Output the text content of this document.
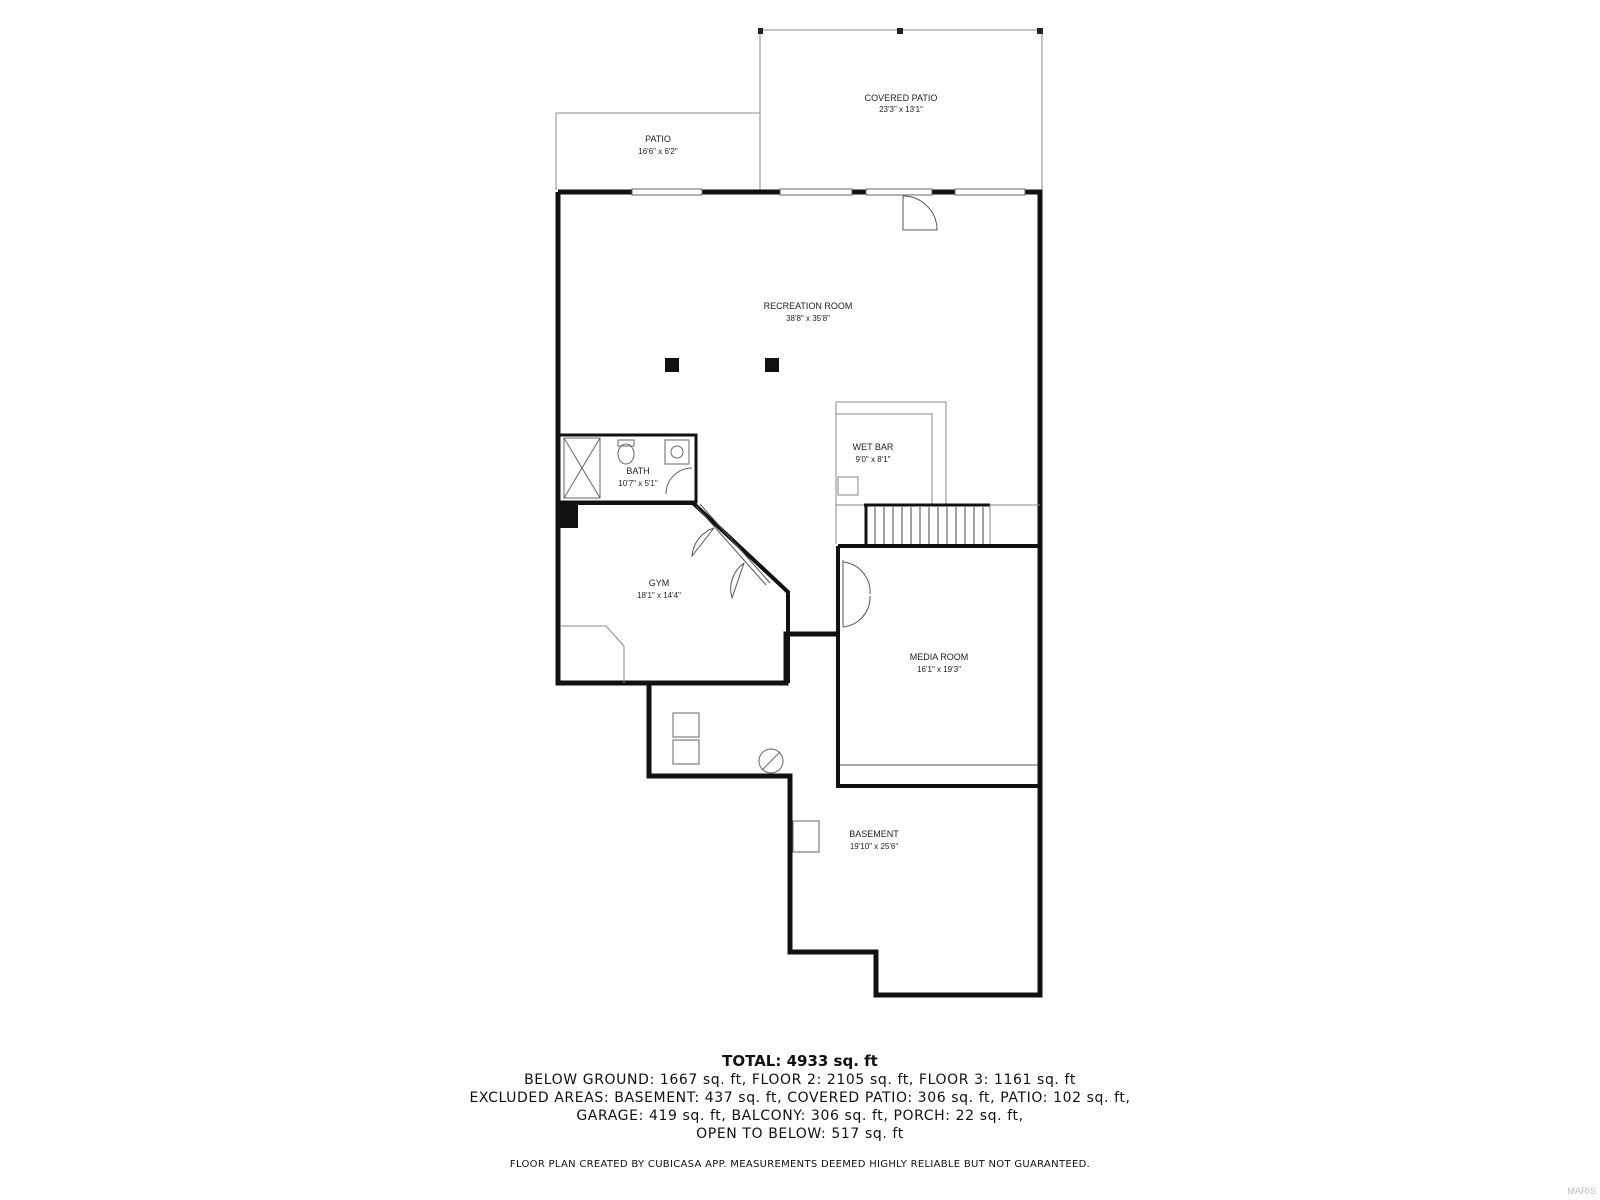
COVERED PATIO
23'3" x 13'1"
PATIO
16'6" x 6'2"
RECREATION ROOM
38'8" x 35'8"
WET BAR
9'0" x 8'1"
BATH
10'7" x 5'1"
GYM
18'1" x 14'4"
MEDIA ROOM
16'1" x 19'3"
BASEMENT
19'10" x 25'6"
TOTAL: 4933 sq. ft
BELOW GROUND: 1667 sq. ft, FLOOR 2: 2105 sq. ft, FLOOR 3: 1161 sq. ft
EXCLUDED AREAS: BASEMENT: 437 sq. ft, COVERED PATIO: 306 sq. ft, PATIO: 102 sq. ft,
GARAGE: 419 sq. ft, BALCONY: 306 sq. ft, PORCH: 22 sq. ft,
OPEN TO BELOW: 517 sq. ft
FLOOR PLAN CREATED BY CUBICASA APP. MEASUREMENTS DEEMED HIGHLY RELIABLE BUT NOT GUARANTEED.
MARIS
